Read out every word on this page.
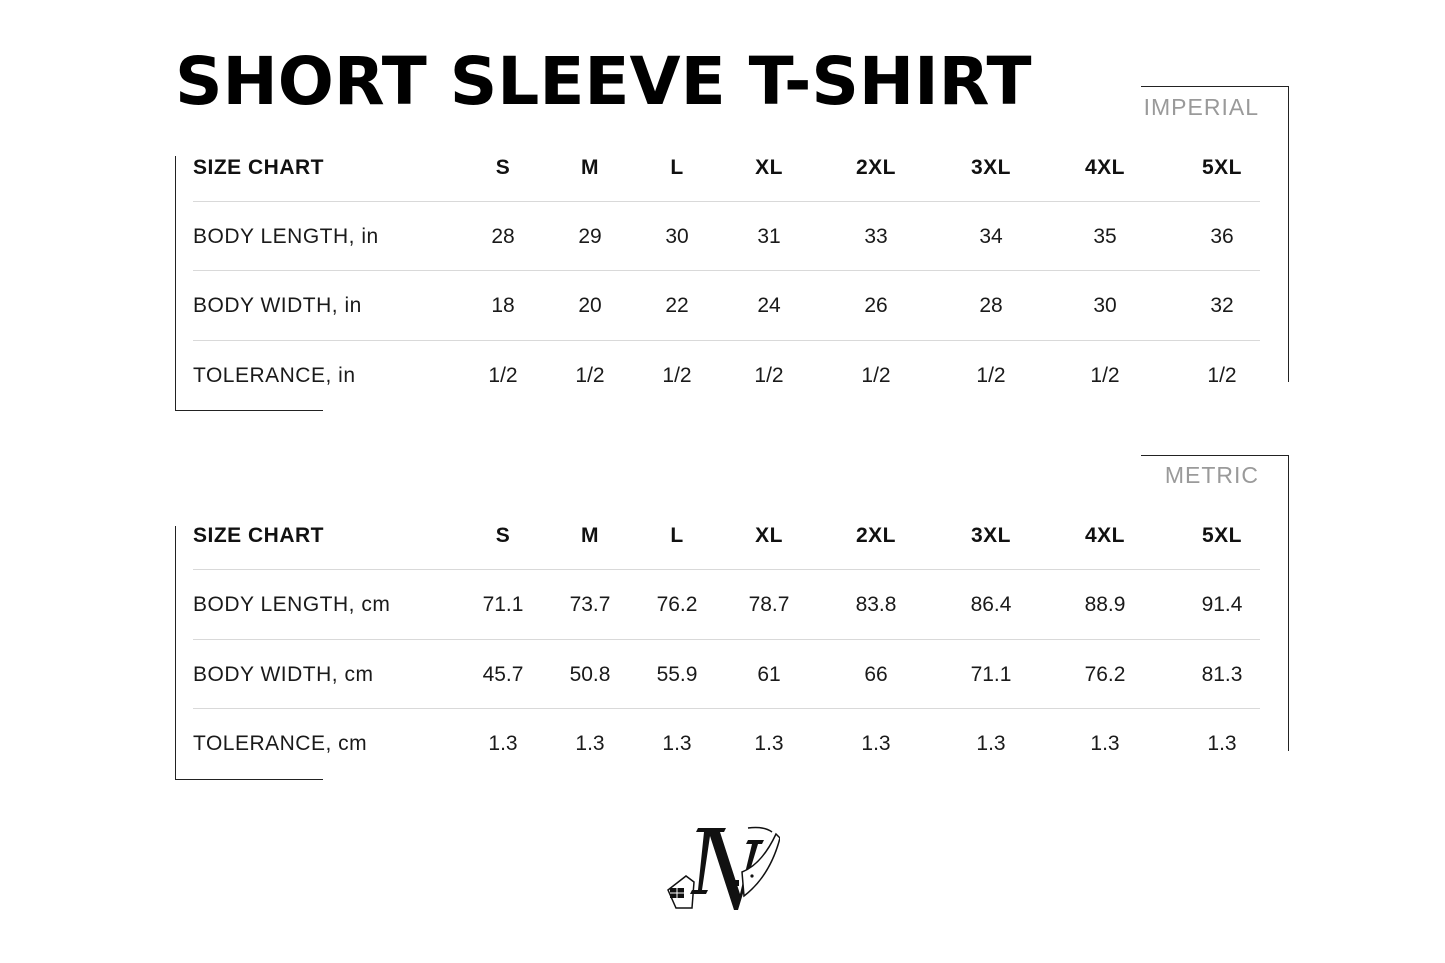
SHORT SLEEVE T-SHIRT	IMPERIAL
SIZE CHART	S	M	L	XL	2XL	3XL	4XL	5XL
BODY LENGTH, in	28	29	30	31	33	34	35	36
BODY WIDTH, in	18	20	22	24	26	28	30	32
TOLERANCE, in	1/2	1/2	1/2	1/2	1/2	1/2	1/2	1/2
METRIC
SIZE CHART	S	M	L	XL	2XL	3XL	4XL	5XL
BODY LENGTH, cm	71.1	73.7	76.2	78.7	83.8	86.4	88.9	91.4
BODY WIDTH, cm	45.7	50.8	55.9	61	66	71.1	76.2	81.3
TOLERANCE, cm	1.3	1.3	1.3	1.3	1.3	1.3	1.3	1.3
